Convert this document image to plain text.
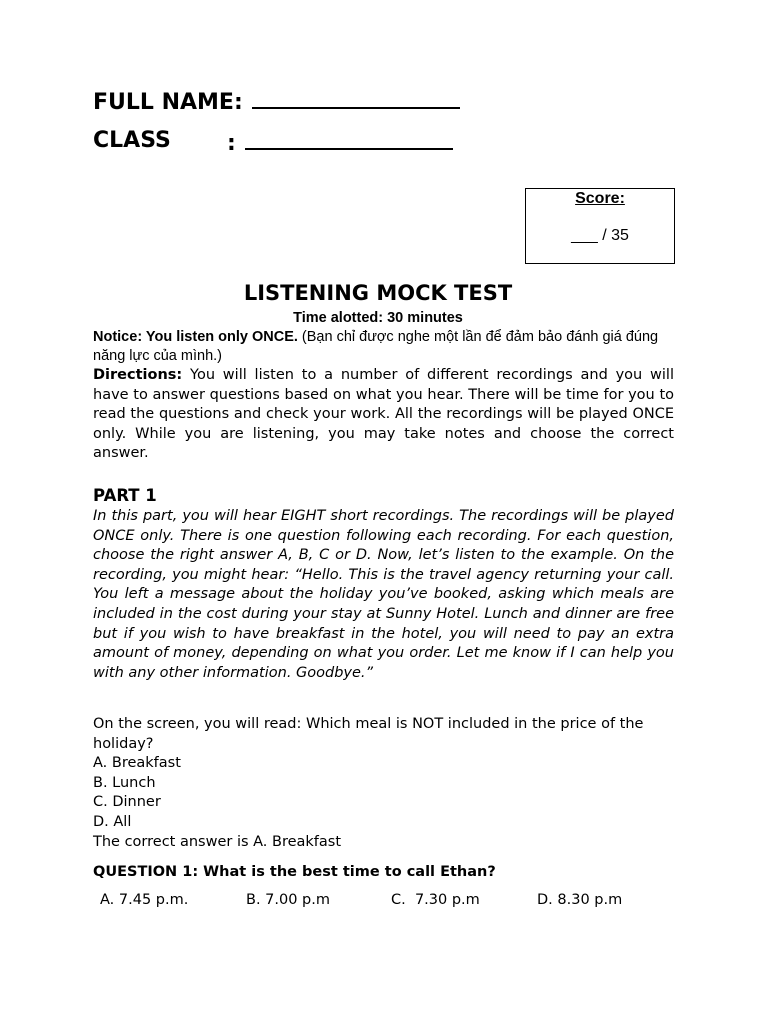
FULL NAME:
CLASS	:
Score:
___ / 35
LISTENING MOCK TEST
Time alotted: 30 minutes
Notice: You listen only ONCE. (Bạn chỉ được nghe một lần để đảm bảo đánh giá đúng năng lực của mình.)
Directions: You will listen to a number of different recordings and you will have to answer questions based on what you hear. There will be time for you to read the questions and check your work. All the recordings will be played ONCE only. While you are listening, you may take notes and choose the correct answer.
PART 1
In this part, you will hear EIGHT short recordings. The recordings will be played ONCE only. There is one question following each recording. For each question, choose the right answer A, B, C or D. Now, let’s listen to the example. On the recording, you might hear: “Hello. This is the travel agency returning your call. You left a message about the holiday you’ve booked, asking which meals are included in the cost during your stay at Sunny Hotel. Lunch and dinner are free but if you wish to have breakfast in the hotel, you will need to pay an extra amount of money, depending on what you order. Let me know if I can help you with any other information. Goodbye.”
On the screen, you will read: Which meal is NOT included in the price of the holiday?
A. Breakfast
B. Lunch
C. Dinner
D. All
The correct answer is A. Breakfast
QUESTION 1: What is the best time to call Ethan?
A. 7.45 p.m.	B. 7.00 p.m	C.  7.30 p.m	D. 8.30 p.m
